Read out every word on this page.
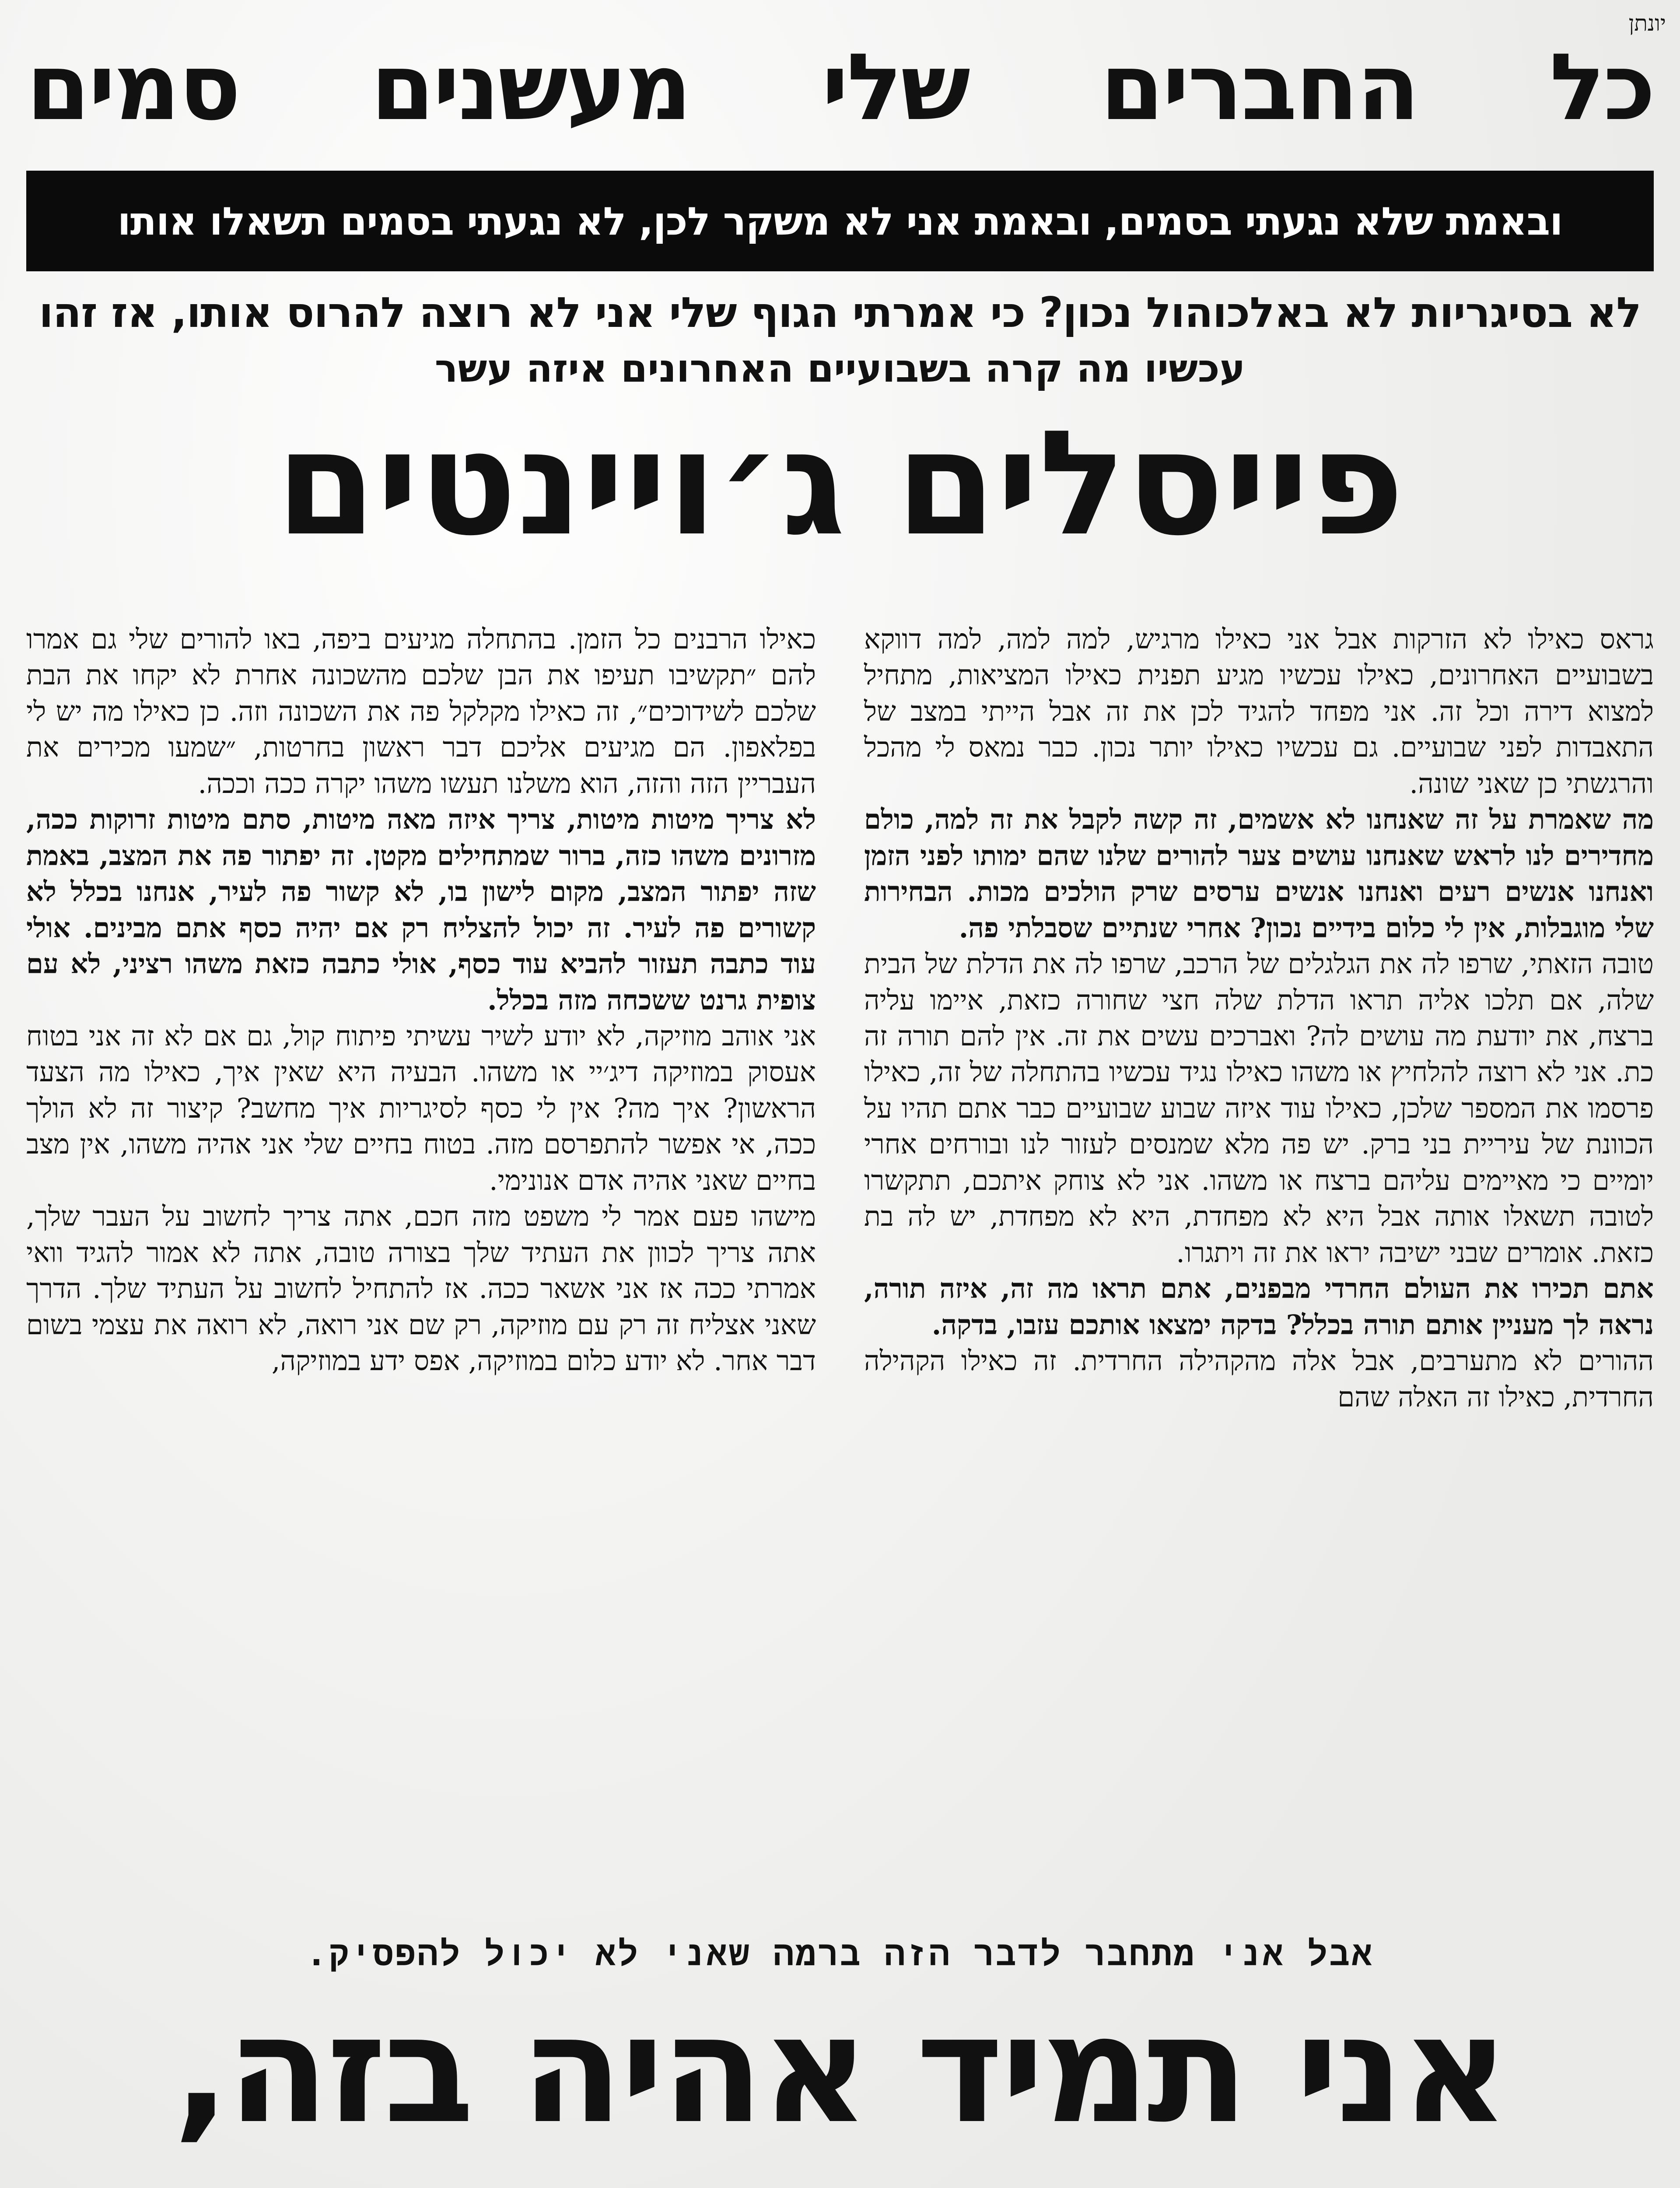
יונתן
כל החברים שלי מעשנים סמים
ובאמת שלא נגעתי בסמים, ובאמת אני לא משקר לכן, לא נגעתי בסמים תשאלו אותו
לא בסיגריות לא באלכוהול נכון? כי אמרתי הגוף שלי אני לא רוצה להרוס אותו, אז זהו
עכשיו מה קרה בשבועיים האחרונים איזה עשר
פייסלים ג׳ויינטים

גראס כאילו לא הזרקות אבל אני כאילו מרגיש, למה למה, למה דווקא בשבועיים האחרונים, כאילו עכשיו מגיע תפנית כאילו המציאות, מתחיל למצוא דירה וכל זה. אני מפחד להגיד לכן את זה אבל הייתי במצב של התאבדות לפני שבועיים. גם עכשיו כאילו יותר נכון. כבר נמאס לי מהכל והרגשתי כן שאני שונה.

מה שאמרת על זה שאנחנו לא אשמים, זה קשה לקבל את זה למה, כולם מחדירים לנו לראש שאנחנו עושים צער להורים שלנו שהם ימותו לפני הזמן ואנחנו אנשים רעים ואנחנו אנשים ערסים שרק הולכים מכות. הבחירות שלי מוגבלות, אין לי כלום בידיים נכון? אחרי שנתיים שסבלתי פה.

טובה הזאתי, שרפו לה את הגלגלים של הרכב, שרפו לה את הדלת של הבית שלה, אם תלכו אליה תראו הדלת שלה חצי שחורה כזאת, איימו עליה ברצח, את יודעת מה עושים לה? ואברכים עשים את זה. אין להם תורה זה כת. אני לא רוצה להלחיץ או משהו כאילו נגיד עכשיו בהתחלה של זה, כאילו פרסמו את המספר שלכן, כאילו עוד איזה שבוע שבועיים כבר אתם תהיו על הכוונת של עיריית בני ברק. יש פה מלא שמנסים לעזור לנו ובורחים אחרי יומיים כי מאיימים עליהם ברצח או משהו. אני לא צוחק איתכם, תתקשרו לטובה תשאלו אותה אבל היא לא מפחדת, היא לא מפחדת, יש לה בת כזאת. אומרים שבני ישיבה יראו את זה ויתגרו.

אתם תכירו את העולם החרדי מבפנים, אתם תראו מה זה, איזה תורה, נראה לך מעניין אותם תורה בכלל? בדקה ימצאו אותכם עזבו, בדקה.

ההורים לא מתערבים, אבל אלה מהקהילה החרדית. זה כאילו הקהילה החרדית, כאילו זה האלה שהם

כאילו הרבנים כל הזמן. בהתחלה מגיעים ביפה, באו להורים שלי גם אמרו להם ״תקשיבו תעיפו את הבן שלכם מהשכונה אחרת לא יקחו את הבת שלכם לשידוכים״, זה כאילו מקלקל פה את השכונה וזה. כן כאילו מה יש לי בפלאפון. הם מגיעים אליכם דבר ראשון בחרטות, ״שמעו מכירים את העבריין הזה והזה, הוא משלנו תעשו משהו יקרה ככה וככה.

לא צריך מיטות מיטות, צריך איזה מאה מיטות, סתם מיטות זרוקות ככה, מזרונים משהו כזה, ברור שמתחילים מקטן. זה יפתור פה את המצב, באמת שזה יפתור המצב, מקום לישון בו, לא קשור פה לעיר, אנחנו בכלל לא קשורים פה לעיר. זה יכול להצליח רק אם יהיה כסף אתם מבינים. אולי עוד כתבה תעזור להביא עוד כסף, אולי כתבה כזאת משהו רציני, לא עם צופית גרנט ששכחה מזה בכלל.

אני אוהב מוזיקה, לא יודע לשיר עשיתי פיתוח קול, גם אם לא זה אני בטוח אעסוק במוזיקה דיג׳יי או משהו. הבעיה היא שאין איך, כאילו מה הצעד הראשון? איך מה? אין לי כסף לסיגריות איך מחשב? קיצור זה לא הולך ככה, אי אפשר להתפרסם מזה. בטוח בחיים שלי אני אהיה משהו, אין מצב בחיים שאני אהיה אדם אנונימי.

מישהו פעם אמר לי משפט מזה חכם, אתה צריך לחשוב על העבר שלך, אתה צריך לכוון את העתיד שלך בצורה טובה, אתה לא אמור להגיד וואי אמרתי ככה אז אני אשאר ככה. אז להתחיל לחשוב על העתיד שלך. הדרך שאני אצליח זה רק עם מוזיקה, רק שם אני רואה, לא רואה את עצמי בשום דבר אחר. לא יודע כלום במוזיקה, אפס ידע במוזיקה,

אבל אני מתחבר לדבר הזה ברמה שאני לא יכול להפסיק.
אני תמיד אהיה בזה,
